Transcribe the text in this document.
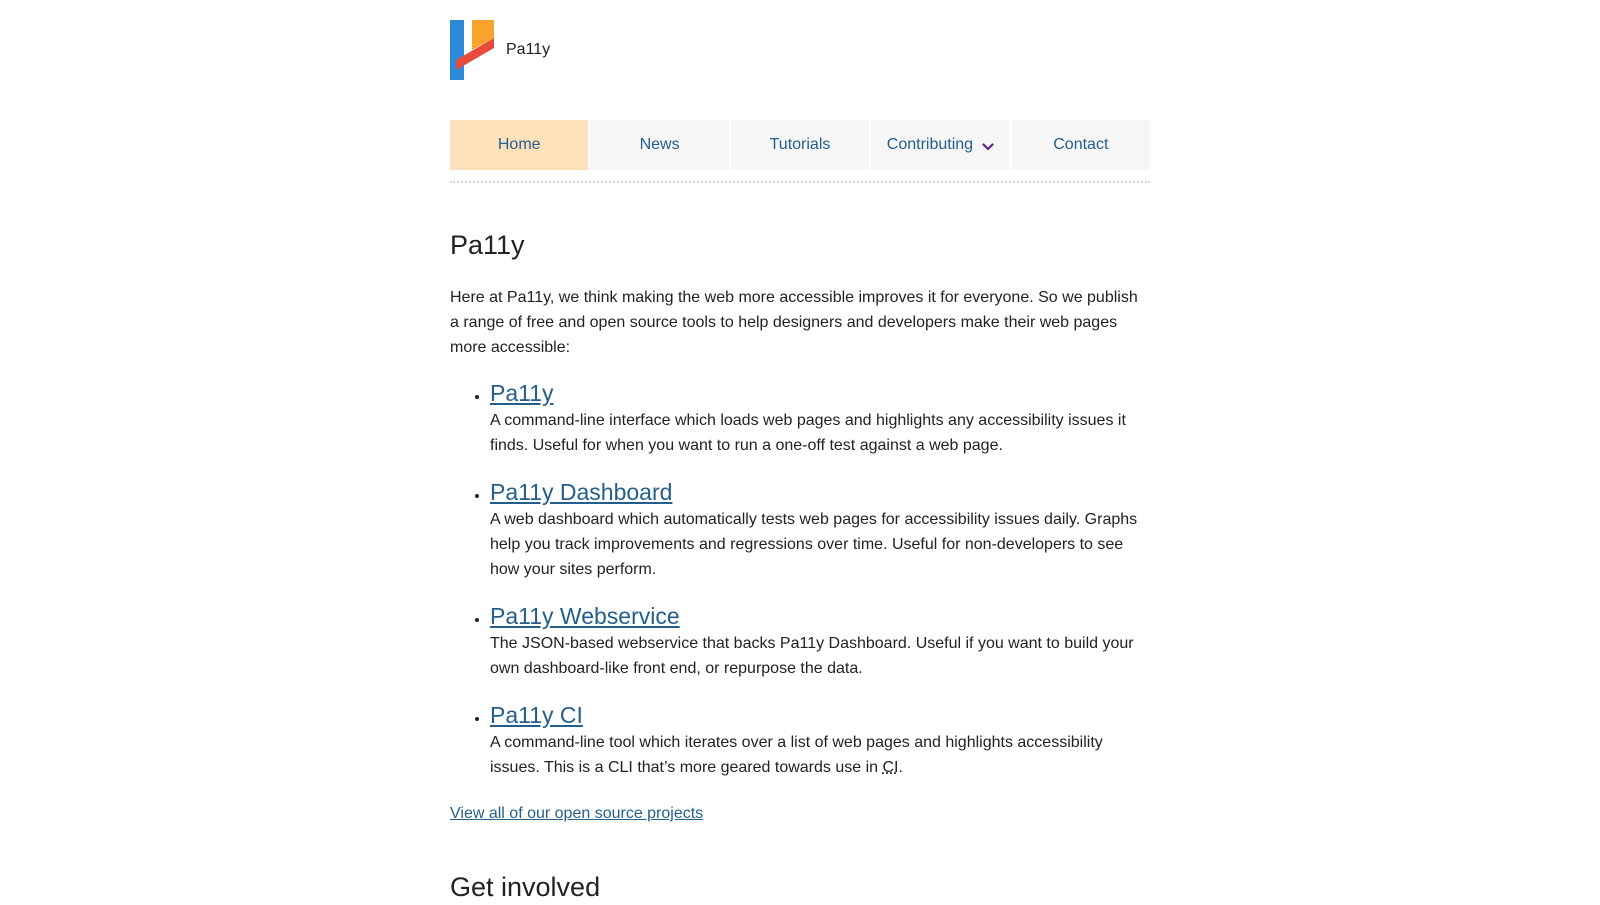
Pa11y
Home	News	Tutorials	Contributing	Contact
Pa11y

Here at Pa11y, we think making the web more accessible improves it for everyone. So we publish a range of free and open source tools to help designers and developers make their web pages more accessible:

• Pa11y

A command-line interface which loads web pages and highlights any accessibility issues it finds. Useful for when you want to run a one-off test against a web page.

• Pa11y Dashboard

A web dashboard which automatically tests web pages for accessibility issues daily. Graphs help you track improvements and regressions over time. Useful for non-developers to see how your sites perform.

• Pa11y Webservice

The JSON-based webservice that backs Pa11y Dashboard. Useful if you want to build your own dashboard-like front end, or repurpose the data.

• Pa11y CI

A command-line tool which iterates over a list of web pages and highlights accessibility issues. This is a CLI that’s more geared towards use in CI.

View all of our open source projects
Get involved
